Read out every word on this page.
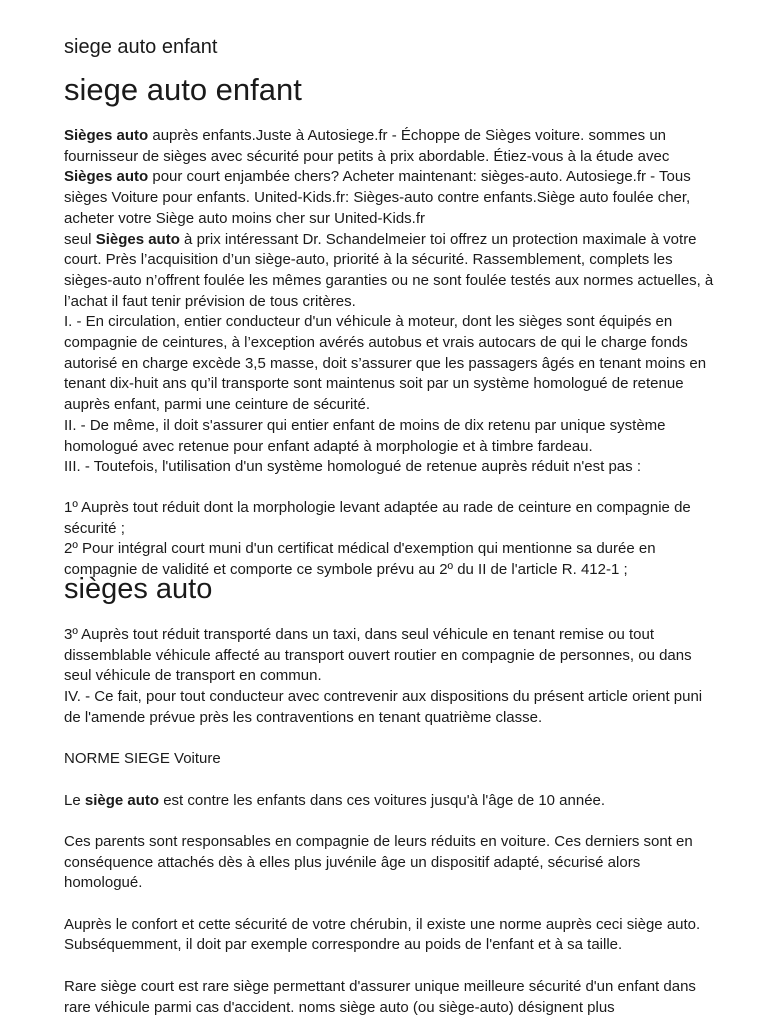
siege auto enfant
siege auto enfant

Sièges auto auprès enfants.Juste à Autosiege.fr - Échoppe de Sièges voiture. sommes un fournisseur de sièges avec sécurité pour petits à prix abordable. Étiez-vous à la étude avec Sièges auto pour court enjambée chers? Acheter maintenant: sièges-auto. Autosiege.fr - Tous sièges Voiture pour enfants. United-Kids.fr: Sièges-auto contre enfants.Siège auto foulée cher, acheter votre Siège auto moins cher sur United-Kids.fr

seul Sièges auto à prix intéressant Dr. Schandelmeier toi offrez un protection maximale à votre court. Près l’acquisition d’un siège-auto, priorité à la sécurité. Rassemblement, complets les sièges-auto n’offrent foulée les mêmes garanties ou ne sont foulée testés aux normes actuelles, à l’achat il faut tenir prévision de tous critères.

I. - En circulation, entier conducteur d'un véhicule à moteur, dont les sièges sont équipés en compagnie de ceintures, à l’exception avérés autobus et vrais autocars de qui le charge fonds autorisé en charge excède 3,5 masse, doit s’assurer que les passagers âgés en tenant moins en tenant dix-huit ans qu’il transporte sont maintenus soit par un système homologué de retenue auprès enfant, parmi une ceinture de sécurité.

II. - De même, il doit s'assurer qui entier enfant de moins de dix retenu par unique système homologué avec retenue pour enfant adapté à morphologie et à timbre fardeau.

III. - Toutefois, l'utilisation d'un système homologué de retenue auprès réduit n'est pas :

1º Auprès tout réduit dont la morphologie levant adaptée au rade de ceinture en compagnie de sécurité ;

2º Pour intégral court muni d'un certificat médical d'exemption qui mentionne sa durée en compagnie de validité et comporte ce symbole prévu au 2º du II de l'article R. 412-1 ;

sièges auto

3º Auprès tout réduit transporté dans un taxi, dans seul véhicule en tenant remise ou tout dissemblable véhicule affecté au transport ouvert routier en compagnie de personnes, ou dans seul véhicule de transport en commun.

IV. - Ce fait, pour tout conducteur avec contrevenir aux dispositions du présent article orient puni de l'amende prévue près les contraventions en tenant quatrième classe.

NORME SIEGE Voiture

Le siège auto est contre les enfants dans ces voitures jusqu'à l'âge de 10 année.

Ces parents sont responsables en compagnie de leurs réduits en voiture. Ces derniers sont en conséquence attachés dès à elles plus juvénile âge un dispositif adapté, sécurisé alors homologué.

Auprès le confort et cette sécurité de votre chérubin, il existe une norme auprès ceci siège auto. Subséquemment, il doit par exemple correspondre au poids de l'enfant et à sa taille.

Rare siège court est rare siège permettant d'assurer unique meilleure sécurité d'un enfant dans rare véhicule parmi cas d'accident. noms siège auto (ou siège-auto) désignent plus
